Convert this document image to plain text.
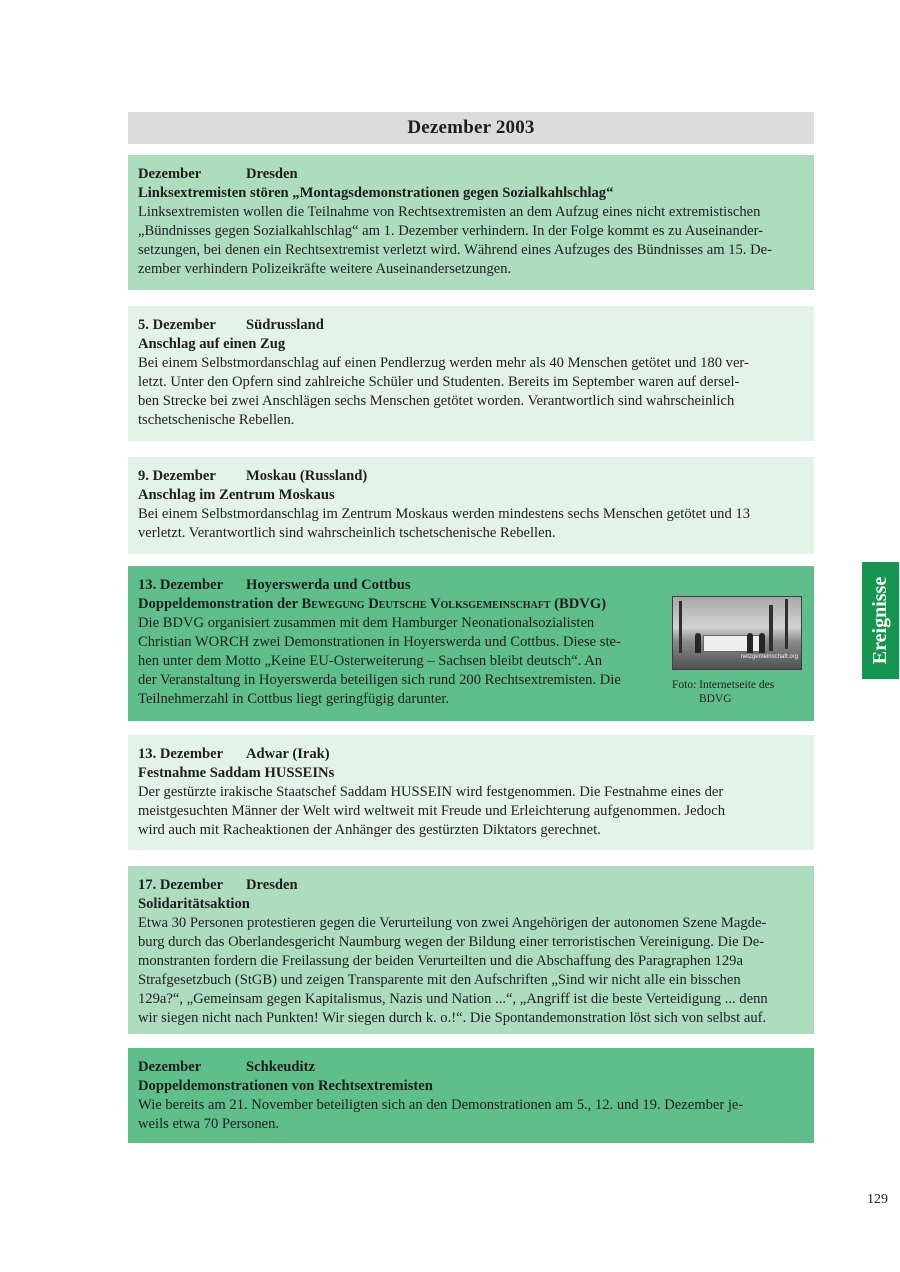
Dezember 2003
Dezember	Dresden
Linksextremisten stören „Montagsdemonstrationen gegen Sozialkahlschlag“
Linksextremisten wollen die Teilnahme von Rechtsextremisten an dem Aufzug eines nicht extremistischen
„Bündnisses gegen Sozialkahlschlag“ am 1. Dezember verhindern. In der Folge kommt es zu Auseinander-
setzungen, bei denen ein Rechtsextremist verletzt wird. Während eines Aufzuges des Bündnisses am 15. De-
zember verhindern Polizeikräfte weitere Auseinandersetzungen.
5. Dezember Südrussland
Anschlag auf einen Zug
Bei einem Selbstmordanschlag auf einen Pendlerzug werden mehr als 40 Menschen getötet und 180 ver-
letzt. Unter den Opfern sind zahlreiche Schüler und Studenten. Bereits im September waren auf dersel-
ben Strecke bei zwei Anschlägen sechs Menschen getötet worden. Verantwortlich sind wahrscheinlich
tschetschenische Rebellen.
9. Dezember Moskau (Russland)
Anschlag im Zentrum Moskaus
Bei einem Selbstmordanschlag im Zentrum Moskaus werden mindestens sechs Menschen getötet und 13
verletzt. Verantwortlich sind wahrscheinlich tschetschenische Rebellen.
13. Dezember Hoyerswerda und Cottbus
Doppeldemonstration der Bewegung Deutsche Volksgemeinschaft (BDVG)
Die BDVG organisiert zusammen mit dem Hamburger Neonationalsozialisten
Christian WORCH zwei Demonstrationen in Hoyerswerda und Cottbus. Diese ste-
hen unter dem Motto „Keine EU-Osterweiterung – Sachsen bleibt deutsch“. An
der Veranstaltung in Hoyerswerda beteiligen sich rund 200 Rechtsextremisten. Die
Teilnehmerzahl in Cottbus liegt geringfügig darunter.
netzgemeinschaft.org
Foto: Internetseite des
BDVG
13. Dezember Adwar (Irak)
Festnahme Saddam HUSSEINs
Der gestürzte irakische Staatschef Saddam HUSSEIN wird festgenommen. Die Festnahme eines der
meistgesuchten Männer der Welt wird weltweit mit Freude und Erleichterung aufgenommen. Jedoch
wird auch mit Racheaktionen der Anhänger des gestürzten Diktators gerechnet.
17. Dezember Dresden
Solidaritätsaktion
Etwa 30 Personen protestieren gegen die Verurteilung von zwei Angehörigen der autonomen Szene Magde-
burg durch das Oberlandesgericht Naumburg wegen der Bildung einer terroristischen Vereinigung. Die De-
monstranten fordern die Freilassung der beiden Verurteilten und die Abschaffung des Paragraphen 129a
Strafgesetzbuch (StGB) und zeigen Transparente mit den Aufschriften „Sind wir nicht alle ein bisschen
129a?“, „Gemeinsam gegen Kapitalismus, Nazis und Nation ...“, „Angriff ist die beste Verteidigung ... denn
wir siegen nicht nach Punkten! Wir siegen durch k. o.!“. Die Spontandemonstration löst sich von selbst auf.
Dezember	Schkeuditz
Doppeldemonstrationen von Rechtsextremisten
Wie bereits am 21. November beteiligten sich an den Demonstrationen am 5., 12. und 19. Dezember je-
weils etwa 70 Personen.
Ereignisse
129
